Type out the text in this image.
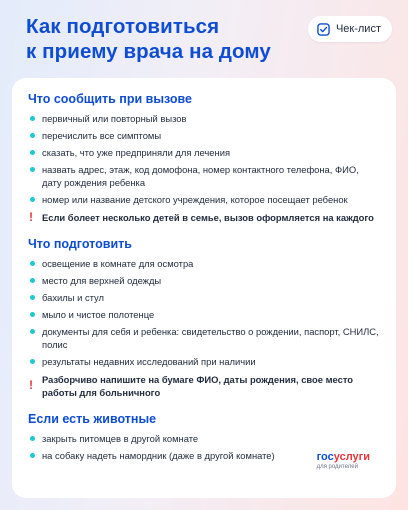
Как подготовиться
к приему врача на дому
Чек-лист
Что сообщить при вызове
первичный или повторный вызов
перечислить все симптомы
сказать, что уже предприняли для лечения
назвать адрес, этаж, код домофона, номер контактного телефона, ФИО, дату рождения ребенка
номер или название детского учреждения, которое посещает ребенок
! Если болеет несколько детей в семье, вызов оформляется на каждого
Что подготовить
освещение в комнате для осмотра
место для верхней одежды
бахилы и стул
мыло и чистое полотенце
документы для себя и ребенка: свидетельство о рождении, паспорт, СНИЛС, полис
результаты недавних исследований при наличии
! Разборчиво напишите на бумаге ФИО, даты рождения, свое место работы для больничного
Если есть животные
закрыть питомцев в другой комнате
на собаку надеть намордник (даже в другой комнате)	госуслуги
для родителей
